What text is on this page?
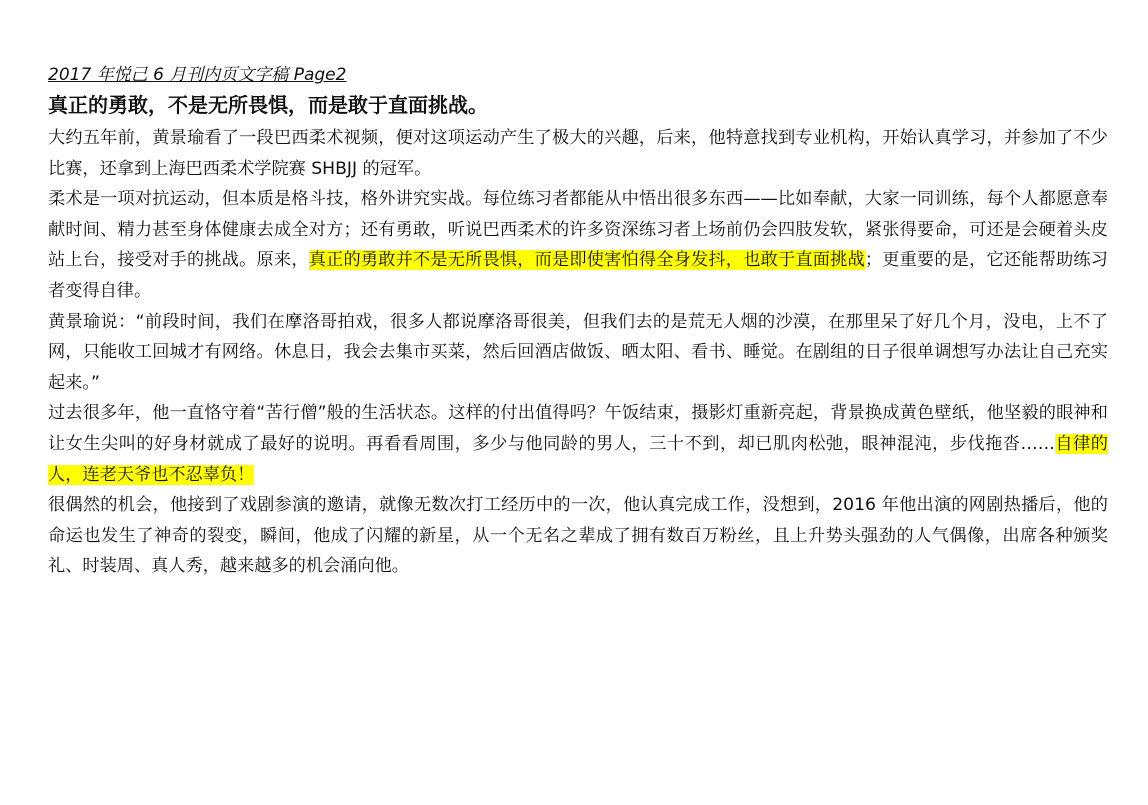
2017 年悦己 6 月刊内页文字稿 Page2
真正的勇敢，不是无所畏惧，而是敢于直面挑战。

大约五年前，黄景瑜看了一段巴西柔术视频，便对这项运动产生了极大的兴趣，后来，他特意找到专业机构，开始认真学习，并参加了不少比赛，还拿到上海巴西柔术学院赛 SHBJJ 的冠军。

柔术是一项对抗运动，但本质是格斗技，格外讲究实战。每位练习者都能从中悟出很多东西——比如奉献，大家一同训练，每个人都愿意奉献时间、精力甚至身体健康去成全对方；还有勇敢，听说巴西柔术的许多资深练习者上场前仍会四肢发软，紧张得要命，可还是会硬着头皮站上台，接受对手的挑战。原来，真正的勇敢并不是无所畏惧，而是即使害怕得全身发抖，也敢于直面挑战；更重要的是，它还能帮助练习者变得自律。

黄景瑜说：“前段时间，我们在摩洛哥拍戏，很多人都说摩洛哥很美，但我们去的是荒无人烟的沙漠，在那里呆了好几个月，没电，上不了网，只能收工回城才有网络。休息日，我会去集市买菜，然后回酒店做饭、晒太阳、看书、睡觉。在剧组的日子很单调想写办法让自己充实起来。”

过去很多年，他一直恪守着“苦行僧”般的生活状态。这样的付出值得吗？午饭结束，摄影灯重新亮起，背景换成黄色壁纸，他坚毅的眼神和让女生尖叫的好身材就成了最好的说明。再看看周围，多少与他同龄的男人，三十不到，却已肌肉松弛，眼神混沌，步伐拖沓……自律的人，连老天爷也不忍辜负！

很偶然的机会，他接到了戏剧参演的邀请，就像无数次打工经历中的一次，他认真完成工作，没想到，2016 年他出演的网剧热播后，他的命运也发生了神奇的裂变，瞬间，他成了闪耀的新星，从一个无名之辈成了拥有数百万粉丝，且上升势头强劲的人气偶像，出席各种颁奖礼、时装周、真人秀，越来越多的机会涌向他。
